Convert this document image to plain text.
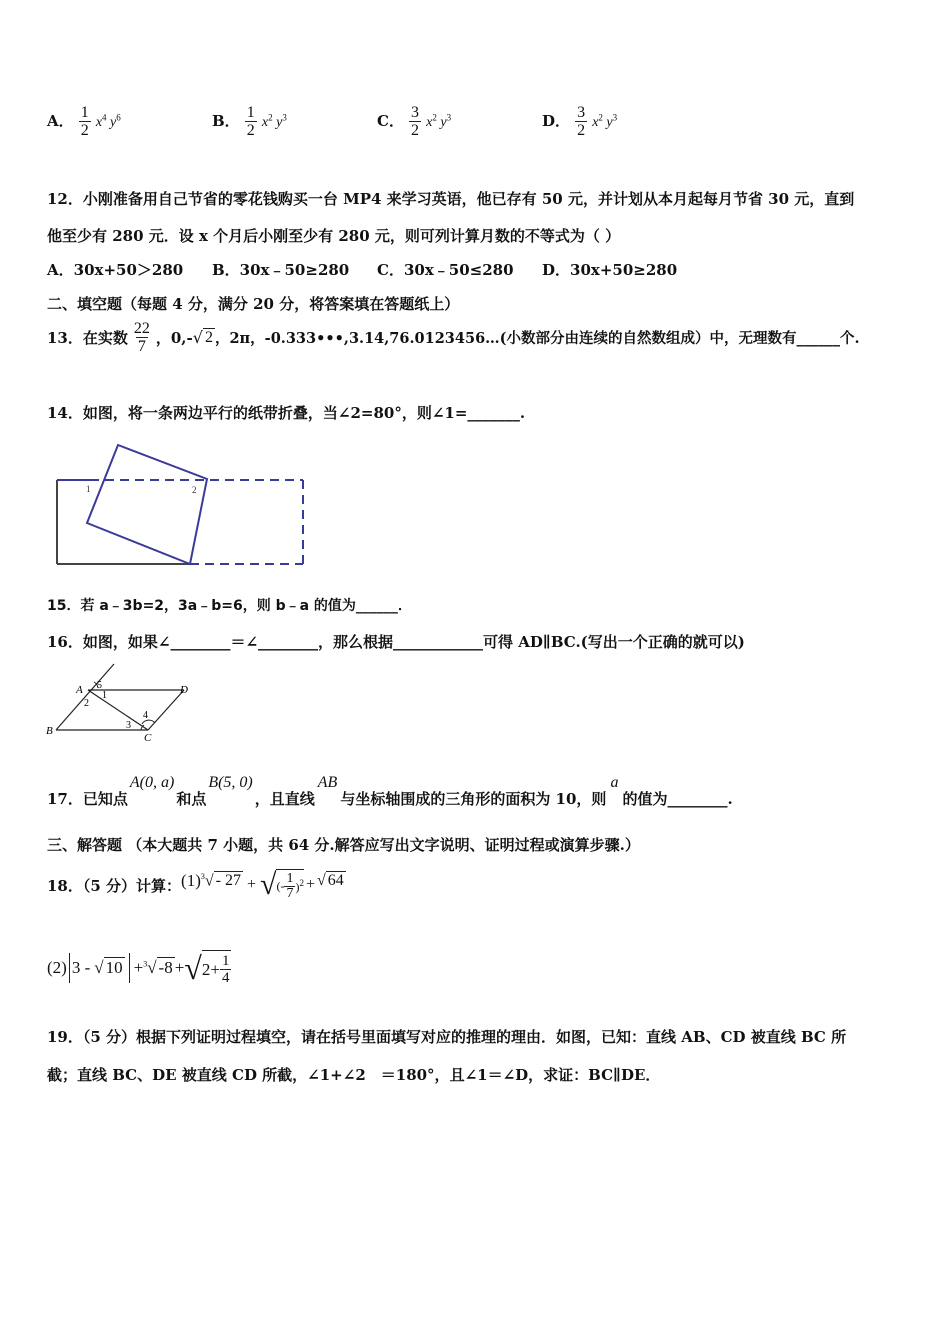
A． $\frac{1}{2} x^4$ $y^6$	B． $\frac{1}{2} x^2$ $y^3$	C． $\frac{3}{2} x^2$ $y^3$	D． $\frac{3}{2} x^2$ $y^3$
12．小刚准备用自己节省的零花钱购买一台 MP4 来学习英语，他已存有 50 元，并计划从本月起每月节省 30 元，直到
他至少有 280 元．设 x 个月后小刚至少有 280 元，则可列计算月数的不等式为（ ）
A．30x+50＞280 B．30x﹣50≥280 C．30x﹣50≤280 D．30x+50≥280
二、填空题（每题 4 分，满分 20 分，将答案填在答题纸上）
13．在实数 $\frac{22}{7}$ ，0,- √ 2 ，2π，-0.333•••,3.14,76.0123456…(小数部分由连续的自然数组成）中，无理数有______个.
14．如图，将一条两边平行的纸带折叠，当∠2=80°，则∠1=_______.
1	2
15．若 a﹣3b=2，3a﹣b=6，则 b﹣a 的值为______．
16．如图，如果∠________＝∠________，那么根据____________可得 AD∥BC.(写出一个正确的就可以)
A
B
C
D
5
1
2
3
4
17．已知点
A(0, a)
和点
B(5, 0)
，且直线
AB
与坐标轴围成的三角形的面积为 10，则
a
的值为________.
三、解答题 （本大题共 7 小题，共 64 分.解答应写出文字说明、证明过程或演算步骤.）
18．（5 分）计算： (1) $^3$√ - 27 + √ (- $\frac{1}{7} )^2$ + √ 64
(2) 3 - √ 10 + $^3$√ -8 + √ $2+ \frac{1}{4}$
19．（5 分）根据下列证明过程填空，请在括号里面填写对应的推理的理由．如图，已知：直线 AB、CD 被直线 BC 所
截；直线 BC、DE 被直线 CD 所截，∠1+∠2　＝180°，且∠1＝∠D，求证：BC∥DE．
